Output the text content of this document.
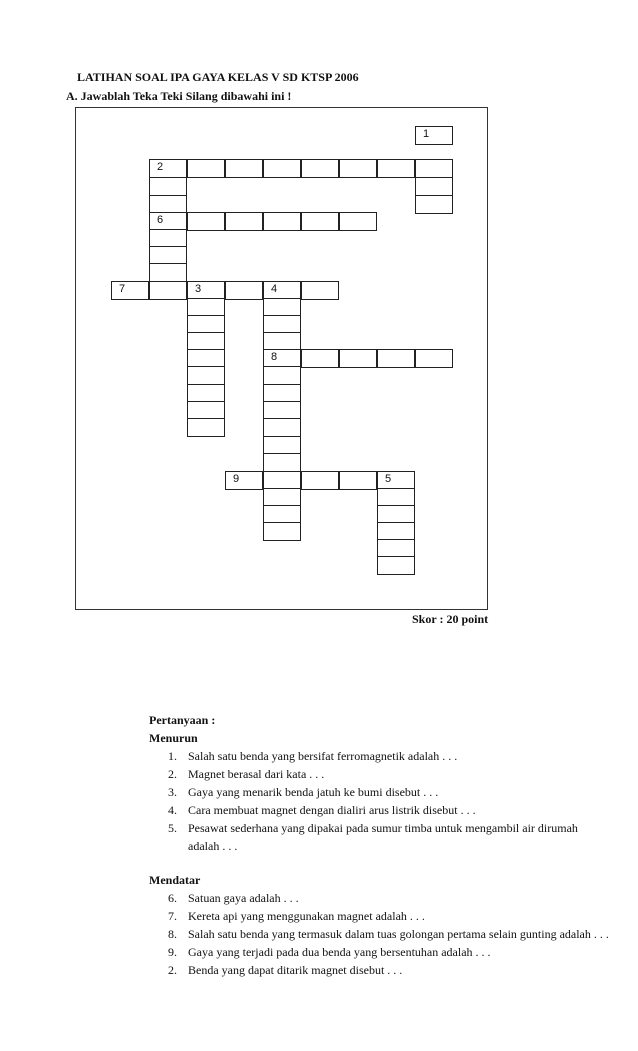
LATIHAN SOAL IPA GAYA KELAS V SD KTSP 2006
A. Jawablah Teka Teki Silang dibawahi ini !
1
2
6
7	3	4
8
9	5
Skor : 20 point
Pertanyaan :
Menurun
1. Salah satu benda yang bersifat ferromagnetik adalah . . .
2. Magnet berasal dari kata . . .
3. Gaya yang menarik benda jatuh ke bumi disebut . . .
4. Cara membuat magnet dengan dialiri arus listrik disebut . . .
5. Pesawat sederhana yang dipakai pada sumur timba untuk mengambil air dirumah adalah . . .
Mendatar
6. Satuan gaya adalah . . .
7. Kereta api yang menggunakan magnet adalah . . .
8. Salah satu benda yang termasuk dalam tuas golongan pertama selain gunting adalah . . .
9. Gaya yang terjadi pada dua benda yang bersentuhan adalah . . .
2. Benda yang dapat ditarik magnet disebut . . .
